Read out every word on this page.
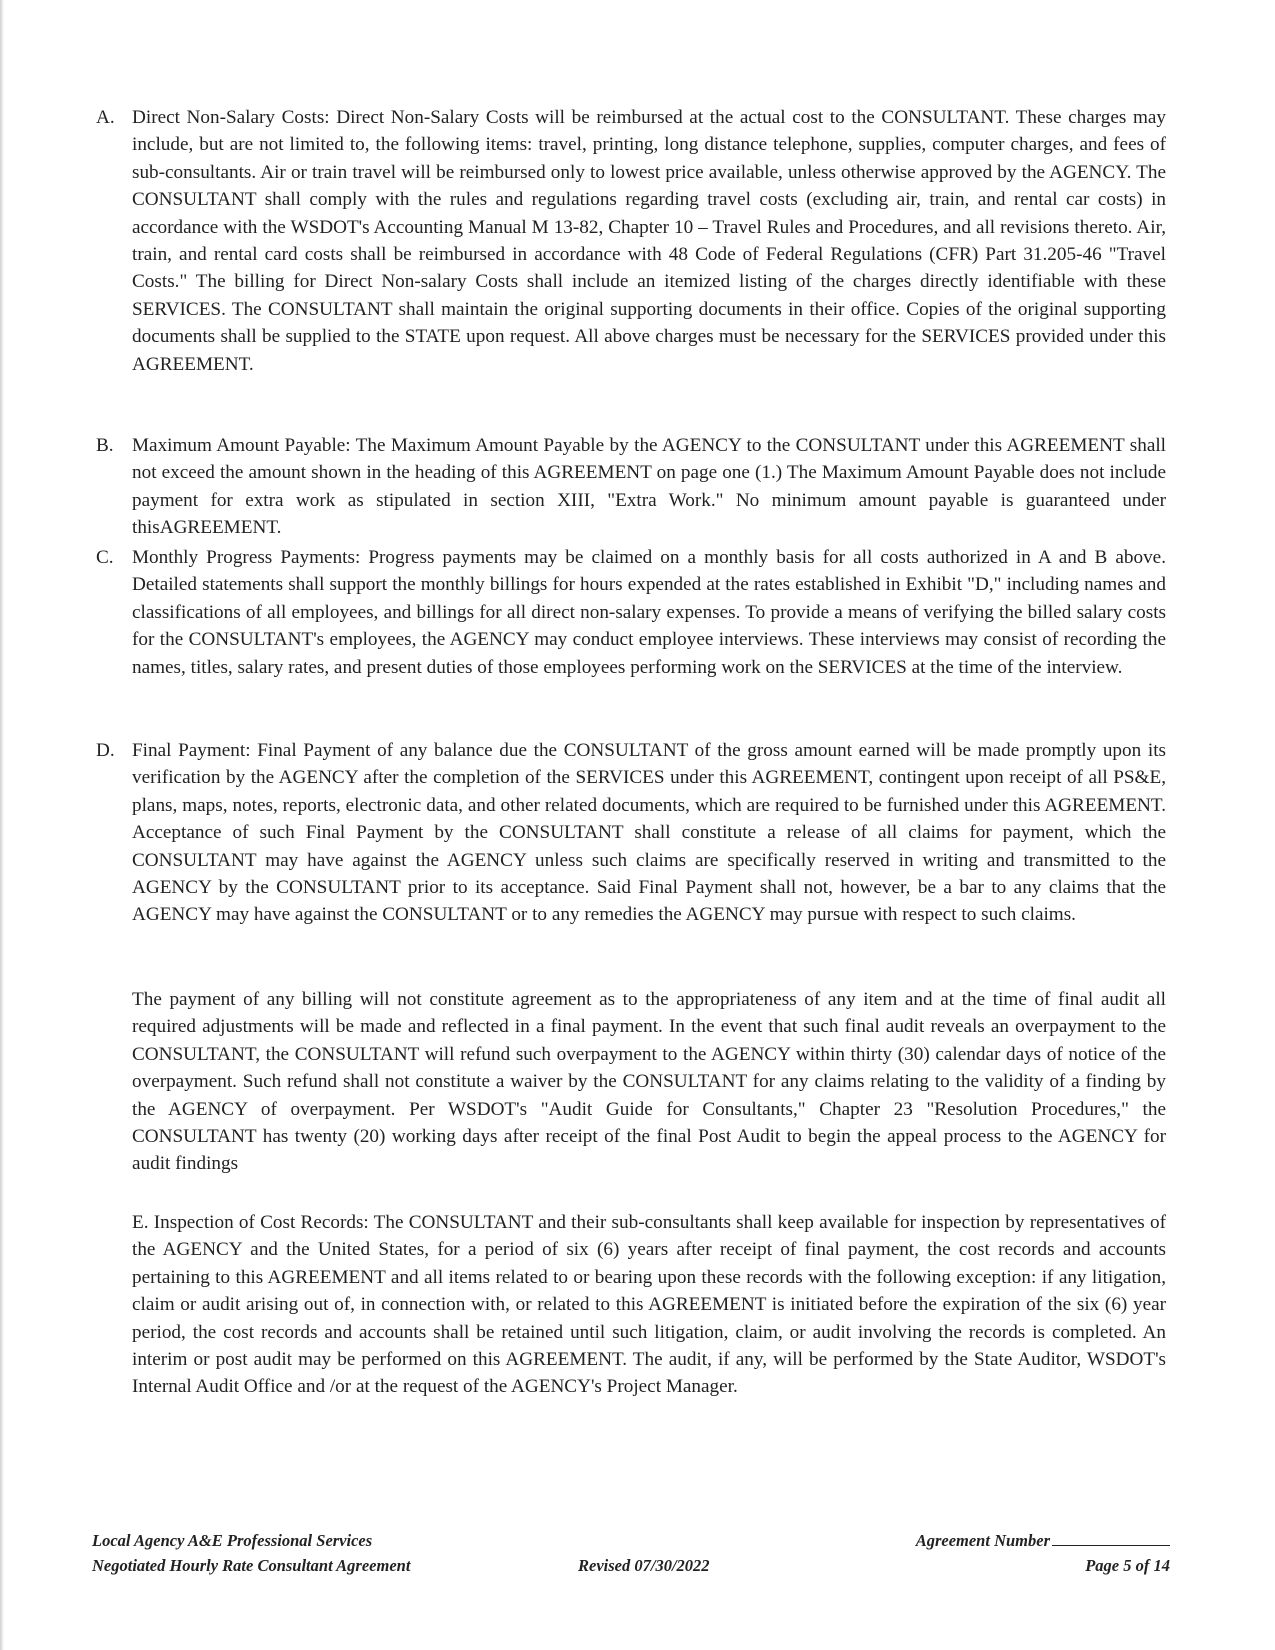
A. Direct Non-Salary Costs: Direct Non-Salary Costs will be reimbursed at the actual cost to the CONSULTANT. These charges may include, but are not limited to, the following items: travel, printing, long distance telephone, supplies, computer charges, and fees of sub-consultants. Air or train travel will be reimbursed only to lowest price available, unless otherwise approved by the AGENCY. The CONSULTANT shall comply with the rules and regulations regarding travel costs (excluding air, train, and rental car costs) in accordance with the WSDOT's Accounting Manual M 13-82, Chapter 10 – Travel Rules and Procedures, and all revisions thereto. Air, train, and rental card costs shall be reimbursed in accordance with 48 Code of Federal Regulations (CFR) Part 31.205-46 "Travel Costs." The billing for Direct Non-salary Costs shall include an itemized listing of the charges directly identifiable with these SERVICES. The CONSULTANT shall maintain the original supporting documents in their office. Copies of the original supporting documents shall be supplied to the STATE upon request. All above charges must be necessary for the SERVICES provided under this AGREEMENT.
B. Maximum Amount Payable: The Maximum Amount Payable by the AGENCY to the CONSULTANT under this AGREEMENT shall not exceed the amount shown in the heading of this AGREEMENT on page one (1.) The Maximum Amount Payable does not include payment for extra work as stipulated in section XIII, "Extra Work." No minimum amount payable is guaranteed under thisAGREEMENT.
C. Monthly Progress Payments: Progress payments may be claimed on a monthly basis for all costs authorized in A and B above. Detailed statements shall support the monthly billings for hours expended at the rates established in Exhibit "D," including names and classifications of all employees, and billings for all direct non-salary expenses. To provide a means of verifying the billed salary costs for the CONSULTANT's employees, the AGENCY may conduct employee interviews. These interviews may consist of recording the names, titles, salary rates, and present duties of those employees performing work on the SERVICES at the time of the interview.
D. Final Payment: Final Payment of any balance due the CONSULTANT of the gross amount earned will be made promptly upon its verification by the AGENCY after the completion of the SERVICES under this AGREEMENT, contingent upon receipt of all PS&E, plans, maps, notes, reports, electronic data, and other related documents, which are required to be furnished under this AGREEMENT. Acceptance of such Final Payment by the CONSULTANT shall constitute a release of all claims for payment, which the CONSULTANT may have against the AGENCY unless such claims are specifically reserved in writing and transmitted to the AGENCY by the CONSULTANT prior to its acceptance. Said Final Payment shall not, however, be a bar to any claims that the AGENCY may have against the CONSULTANT or to any remedies the AGENCY may pursue with respect to such claims.
The payment of any billing will not constitute agreement as to the appropriateness of any item and at the time of final audit all required adjustments will be made and reflected in a final payment. In the event that such final audit reveals an overpayment to the CONSULTANT, the CONSULTANT will refund such overpayment to the AGENCY within thirty (30) calendar days of notice of the overpayment. Such refund shall not constitute a waiver by the CONSULTANT for any claims relating to the validity of a finding by the AGENCY of overpayment. Per WSDOT's "Audit Guide for Consultants," Chapter 23 "Resolution Procedures," the CONSULTANT has twenty (20) working days after receipt of the final Post Audit to begin the appeal process to the AGENCY for audit findings
E. Inspection of Cost Records: The CONSULTANT and their sub-consultants shall keep available for inspection by representatives of the AGENCY and the United States, for a period of six (6) years after receipt of final payment, the cost records and accounts pertaining to this AGREEMENT and all items related to or bearing upon these records with the following exception: if any litigation, claim or audit arising out of, in connection with, or related to this AGREEMENT is initiated before the expiration of the six (6) year period, the cost records and accounts shall be retained until such litigation, claim, or audit involving the records is completed. An interim or post audit may be performed on this AGREEMENT. The audit, if any, will be performed by the State Auditor, WSDOT's Internal Audit Office and /or at the request of the AGENCY's Project Manager.
Local Agency A&E Professional Services
Negotiated Hourly Rate Consultant Agreement	Revised 07/30/2022
Agreement Number
Page 5 of 14
